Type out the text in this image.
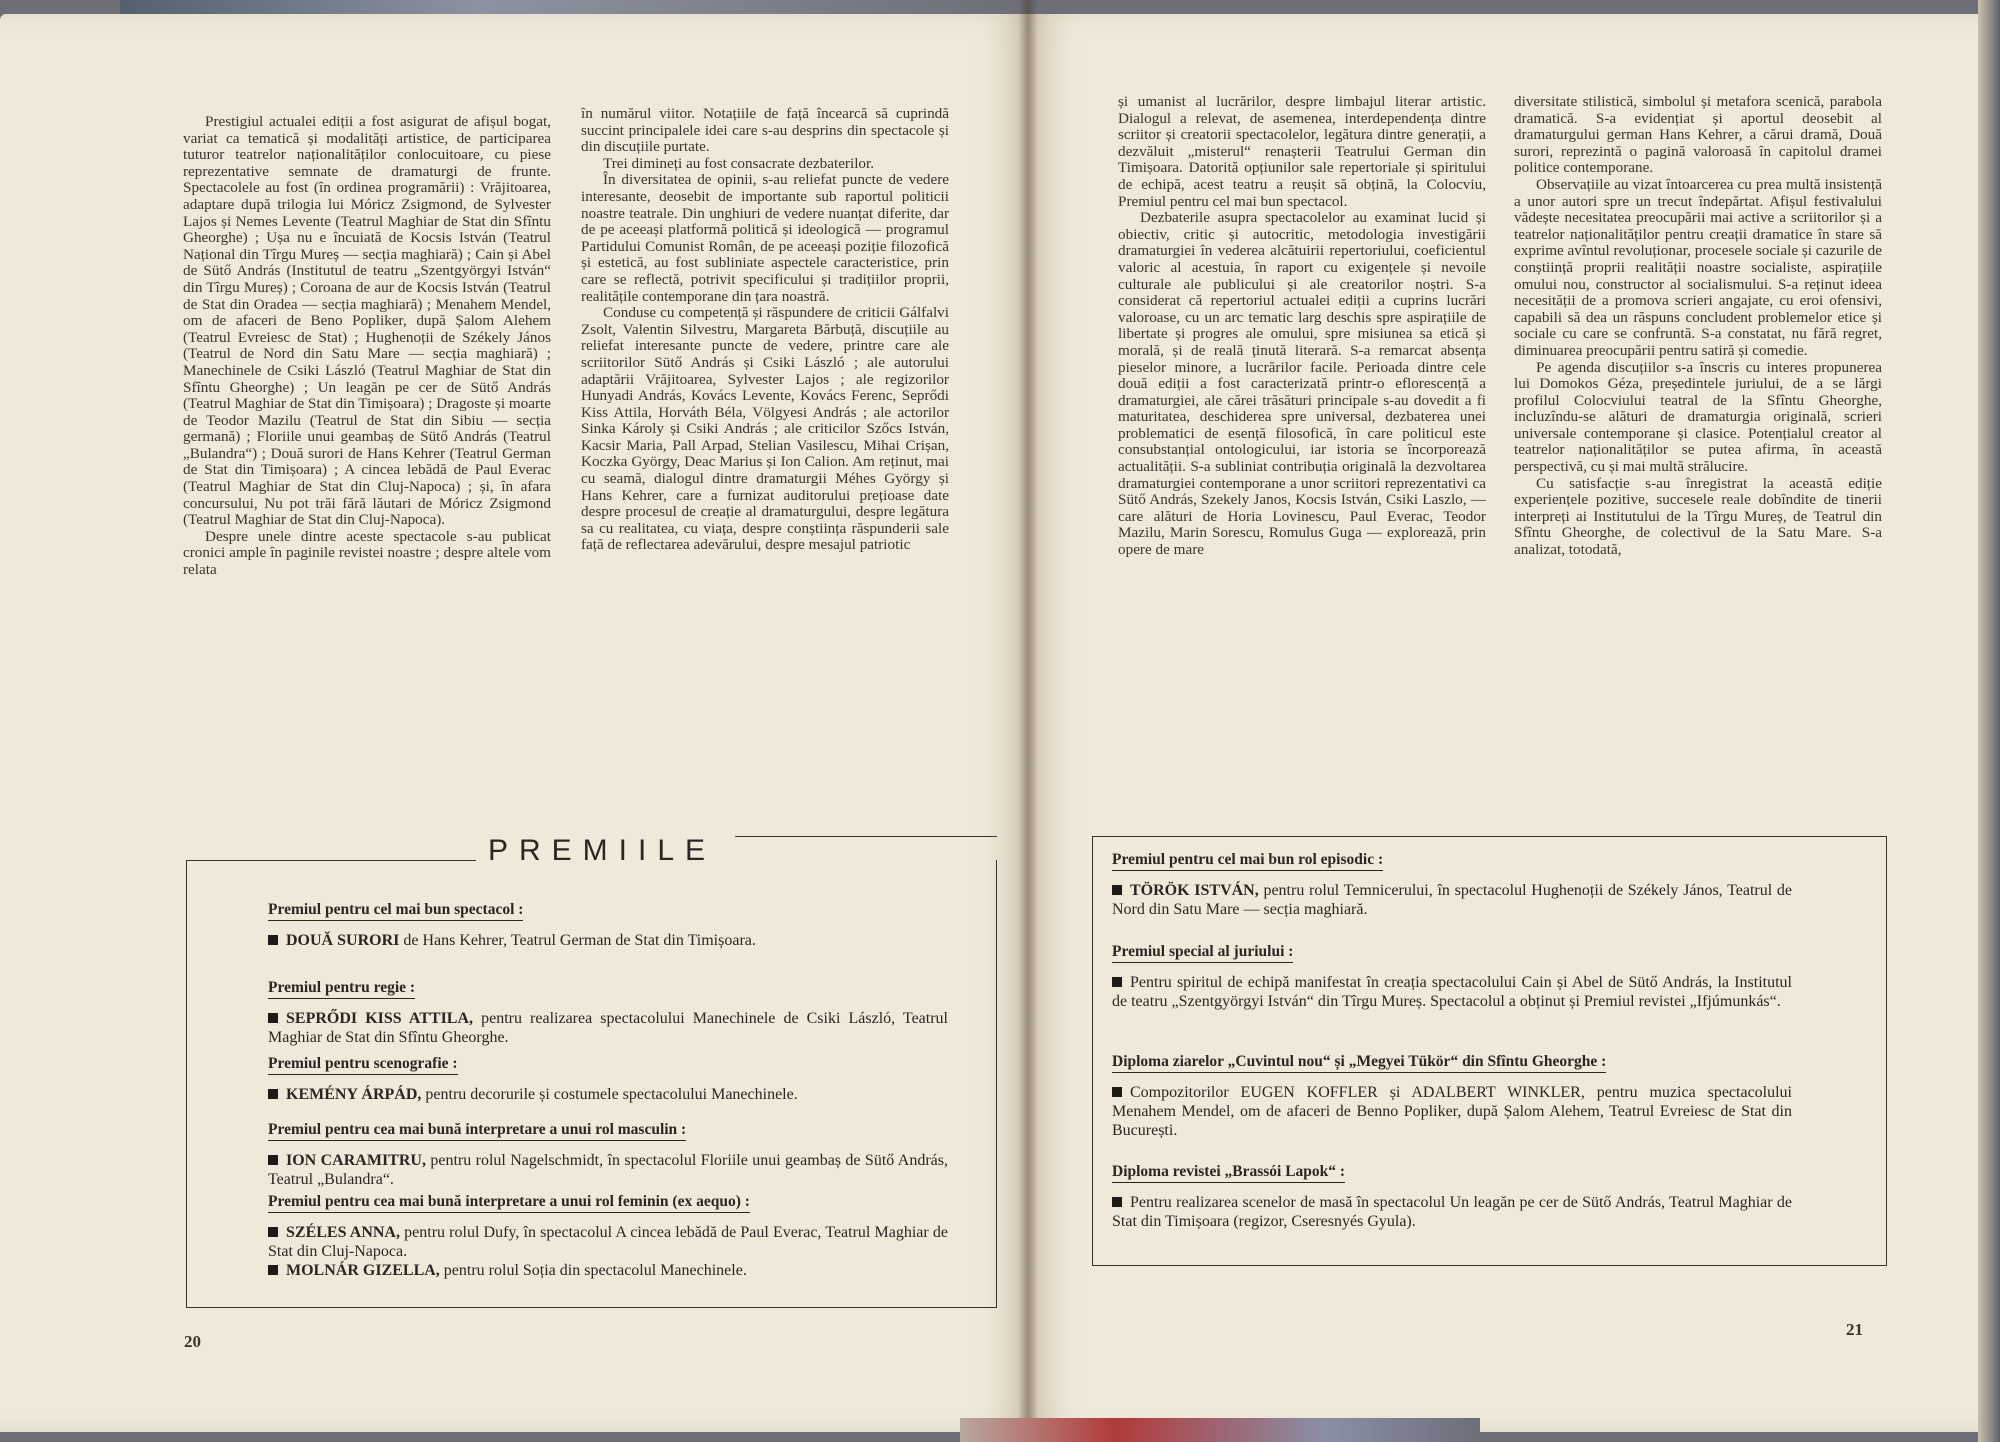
Prestigiul actualei ediții a fost asigurat de afișul bogat, variat ca tematică și modalități artistice, de participarea tuturor teatrelor naționalităților conlocuitoare, cu piese reprezentative semnate de dramaturgi de frunte. Spectacolele au fost (în ordinea programării) : Vrăjitoarea, adaptare după trilogia lui Móricz Zsigmond, de Sylvester Lajos și Nemes Levente (Teatrul Maghiar de Stat din Sfîntu Gheorghe) ; Ușa nu e încuiată de Kocsis István (Teatrul Național din Tîrgu Mureș — secția maghiară) ; Cain și Abel de Sütő András (Institutul de teatru „Szentgyörgyi István“ din Tîrgu Mureș) ; Coroana de aur de Kocsis István (Teatrul de Stat din Oradea — secția maghiară) ; Menahem Mendel, om de afaceri de Beno Popliker, după Șalom Alehem (Teatrul Evreiesc de Stat) ; Hughenoții de Székely János (Teatrul de Nord din Satu Mare — secția maghiară) ; Manechinele de Csiki László (Teatrul Maghiar de Stat din Sfîntu Gheorghe) ; Un leagăn pe cer de Sütő András (Teatrul Maghiar de Stat din Timișoara) ; Dragoste și moarte de Teodor Mazilu (Teatrul de Stat din Sibiu — secția germană) ; Floriile unui geambaș de Sütő András (Teatrul „Bulandra“) ; Două surori de Hans Kehrer (Teatrul German de Stat din Timișoara) ; A cincea lebădă de Paul Everac (Teatrul Maghiar de Stat din Cluj-Napoca) ; și, în afara concursului, Nu pot trăi fără lăutari de Móricz Zsigmond (Teatrul Maghiar de Stat din Cluj-Napoca).

Despre unele dintre aceste spectacole s-au publicat cronici ample în paginile revistei noastre ; despre altele vom relata

în numărul viitor. Notațiile de față încearcă să cuprindă succint principalele idei care s-au desprins din spectacole și din discuțiile purtate.

Trei dimineți au fost consacrate dezbaterilor.

În diversitatea de opinii, s-au reliefat puncte de vedere interesante, deosebit de importante sub raportul politicii noastre teatrale. Din unghiuri de vedere nuanțat diferite, dar de pe aceeași platformă politică și ideologică — programul Partidului Comunist Român, de pe aceeași poziție filozofică și estetică, au fost subliniate aspectele caracteristice, prin care se reflectă, potrivit specificului și tradițiilor proprii, realitățile contemporane din țara noastră.

Conduse cu competență și răspundere de criticii Gálfalvi Zsolt, Valentin Silvestru, Margareta Bărbuță, discuțiile au reliefat interesante puncte de vedere, printre care ale scriitorilor Sütő András și Csiki László ; ale autorului adaptării Vrăjitoarea, Sylvester Lajos ; ale regizorilor Hunyadi András, Kovács Levente, Kovács Ferenc, Seprődi Kiss Attila, Horváth Béla, Völgyesi András ; ale actorilor Sinka Károly și Csiki András ; ale criticilor Szőcs István, Kacsir Maria, Pall Arpad, Stelian Vasilescu, Mihai Crișan, Koczka György, Deac Marius și Ion Calion. Am reținut, mai cu seamă, dialogul dintre dramaturgii Méhes György și Hans Kehrer, care a furnizat auditorului prețioase date despre procesul de creație al dramaturgului, despre legătura sa cu realitatea, cu viața, despre conștiința răspunderii sale față de reflectarea adevărului, despre mesajul patriotic

PREMIILE
Premiul pentru cel mai bun spectacol :
DOUĂ SURORI de Hans Kehrer, Teatrul German de Stat din Timișoara.
Premiul pentru regie :
SEPRŐDI KISS ATTILA, pentru realizarea spectacolului Manechinele de Csiki László, Teatrul Maghiar de Stat din Sfîntu Gheorghe.
Premiul pentru scenografie :
KEMÉNY ÁRPÁD, pentru decorurile și costumele spectacolului Manechinele.
Premiul pentru cea mai bună interpretare a unui rol masculin :
ION CARAMITRU, pentru rolul Nagelschmidt, în spectacolul Floriile unui geambaș de Sütő András, Teatrul „Bulandra“.
Premiul pentru cea mai bună interpretare a unui rol feminin (ex aequo) :
SZÉLES ANNA, pentru rolul Dufy, în spectacolul A cincea lebădă de Paul Everac, Teatrul Maghiar de Stat din Cluj-Napoca.
MOLNÁR GIZELLA, pentru rolul Soția din spectacolul Manechinele.
20

și umanist al lucrărilor, despre limbajul literar artistic. Dialogul a relevat, de asemenea, interdependența dintre scriitor și creatorii spectacolelor, legătura dintre generații, a dezvăluit „misterul“ renașterii Teatrului German din Timișoara. Datorită opțiunilor sale repertoriale și spiritului de echipă, acest teatru a reușit să obțină, la Colocviu, Premiul pentru cel mai bun spectacol.

Dezbaterile asupra spectacolelor au examinat lucid și obiectiv, critic și autocritic, metodologia investigării dramaturgiei în vederea alcătuirii repertoriului, coeficientul valoric al acestuia, în raport cu exigențele și nevoile culturale ale publicului și ale creatorilor noștri. S-a considerat că repertoriul actualei ediții a cuprins lucrări valoroase, cu un arc tematic larg deschis spre aspirațiile de libertate și progres ale omului, spre misiunea sa etică și morală, și de reală ținută literară. S-a remarcat absența pieselor minore, a lucrărilor facile. Perioada dintre cele două ediții a fost caracterizată printr-o eflorescență a dramaturgiei, ale cărei trăsături principale s-au dovedit a fi maturitatea, deschiderea spre universal, dezbaterea unei problematici de esență filosofică, în care politicul este consubstanțial ontologicului, iar istoria se încorporează actualității. S-a subliniat contribuția originală la dezvoltarea dramaturgiei contemporane a unor scriitori reprezentativi ca Sütő András, Szekely Janos, Kocsis István, Csiki Laszlo, — care alături de Horia Lovinescu, Paul Everac, Teodor Mazilu, Marin Sorescu, Romulus Guga — explorează, prin opere de mare

diversitate stilistică, simbolul și metafora scenică, parabola dramatică. S-a evidențiat și aportul deosebit al dramaturgului german Hans Kehrer, a cărui dramă, Două surori, reprezintă o pagină valoroasă în capitolul dramei politice contemporane.

Observațiile au vizat întoarcerea cu prea multă insistență a unor autori spre un trecut îndepărtat. Afișul festivalului vădește necesitatea preocupării mai active a scriitorilor și a teatrelor naționalităților pentru creații dramatice în stare să exprime avîntul revoluționar, procesele sociale și cazurile de conștiință proprii realității noastre socialiste, aspirațiile omului nou, constructor al socialismului. S-a reținut ideea necesității de a promova scrieri angajate, cu eroi ofensivi, capabili să dea un răspuns concludent problemelor etice și sociale cu care se confruntă. S-a constatat, nu fără regret, diminuarea preocupării pentru satiră și comedie.

Pe agenda discuțiilor s-a înscris cu interes propunerea lui Domokos Géza, președintele juriului, de a se lărgi profilul Colocviului teatral de la Sfîntu Gheorghe, incluzîndu-se alături de dramaturgia originală, scrieri universale contemporane și clasice. Potențialul creator al teatrelor naționalităților se putea afirma, în această perspectivă, cu și mai multă strălucire.

Cu satisfacție s-au înregistrat la această ediție experiențele pozitive, succesele reale dobîndite de tinerii interpreți ai Institutului de la Tîrgu Mureș, de Teatrul din Sfîntu Gheorghe, de colectivul de la Satu Mare. S-a analizat, totodată,

21
Premiul pentru cel mai bun rol episodic :
TÖRÖK ISTVÁN, pentru rolul Temnicerului, în spectacolul Hughenoții de Székely János, Teatrul de Nord din Satu Mare — secția maghiară.
Premiul special al juriului :
Pentru spiritul de echipă manifestat în creația spectacolului Cain și Abel de Sütő András, la Institutul de teatru „Szentgyörgyi István“ din Tîrgu Mureș. Spectacolul a obținut și Premiul revistei „Ifjúmunkás“.
Diploma ziarelor „Cuvintul nou“ și „Megyei Tükör“ din Sfîntu Gheorghe :
Compozitorilor EUGEN KOFFLER și ADALBERT WINKLER, pentru muzica spectacolului Menahem Mendel, om de afaceri de Benno Popliker, după Șalom Alehem, Teatrul Evreiesc de Stat din București.
Diploma revistei „Brassói Lapok“ :
Pentru realizarea scenelor de masă în spectacolul Un leagăn pe cer de Sütő András, Teatrul Maghiar de Stat din Timișoara (regizor, Cseresnyés Gyula).
